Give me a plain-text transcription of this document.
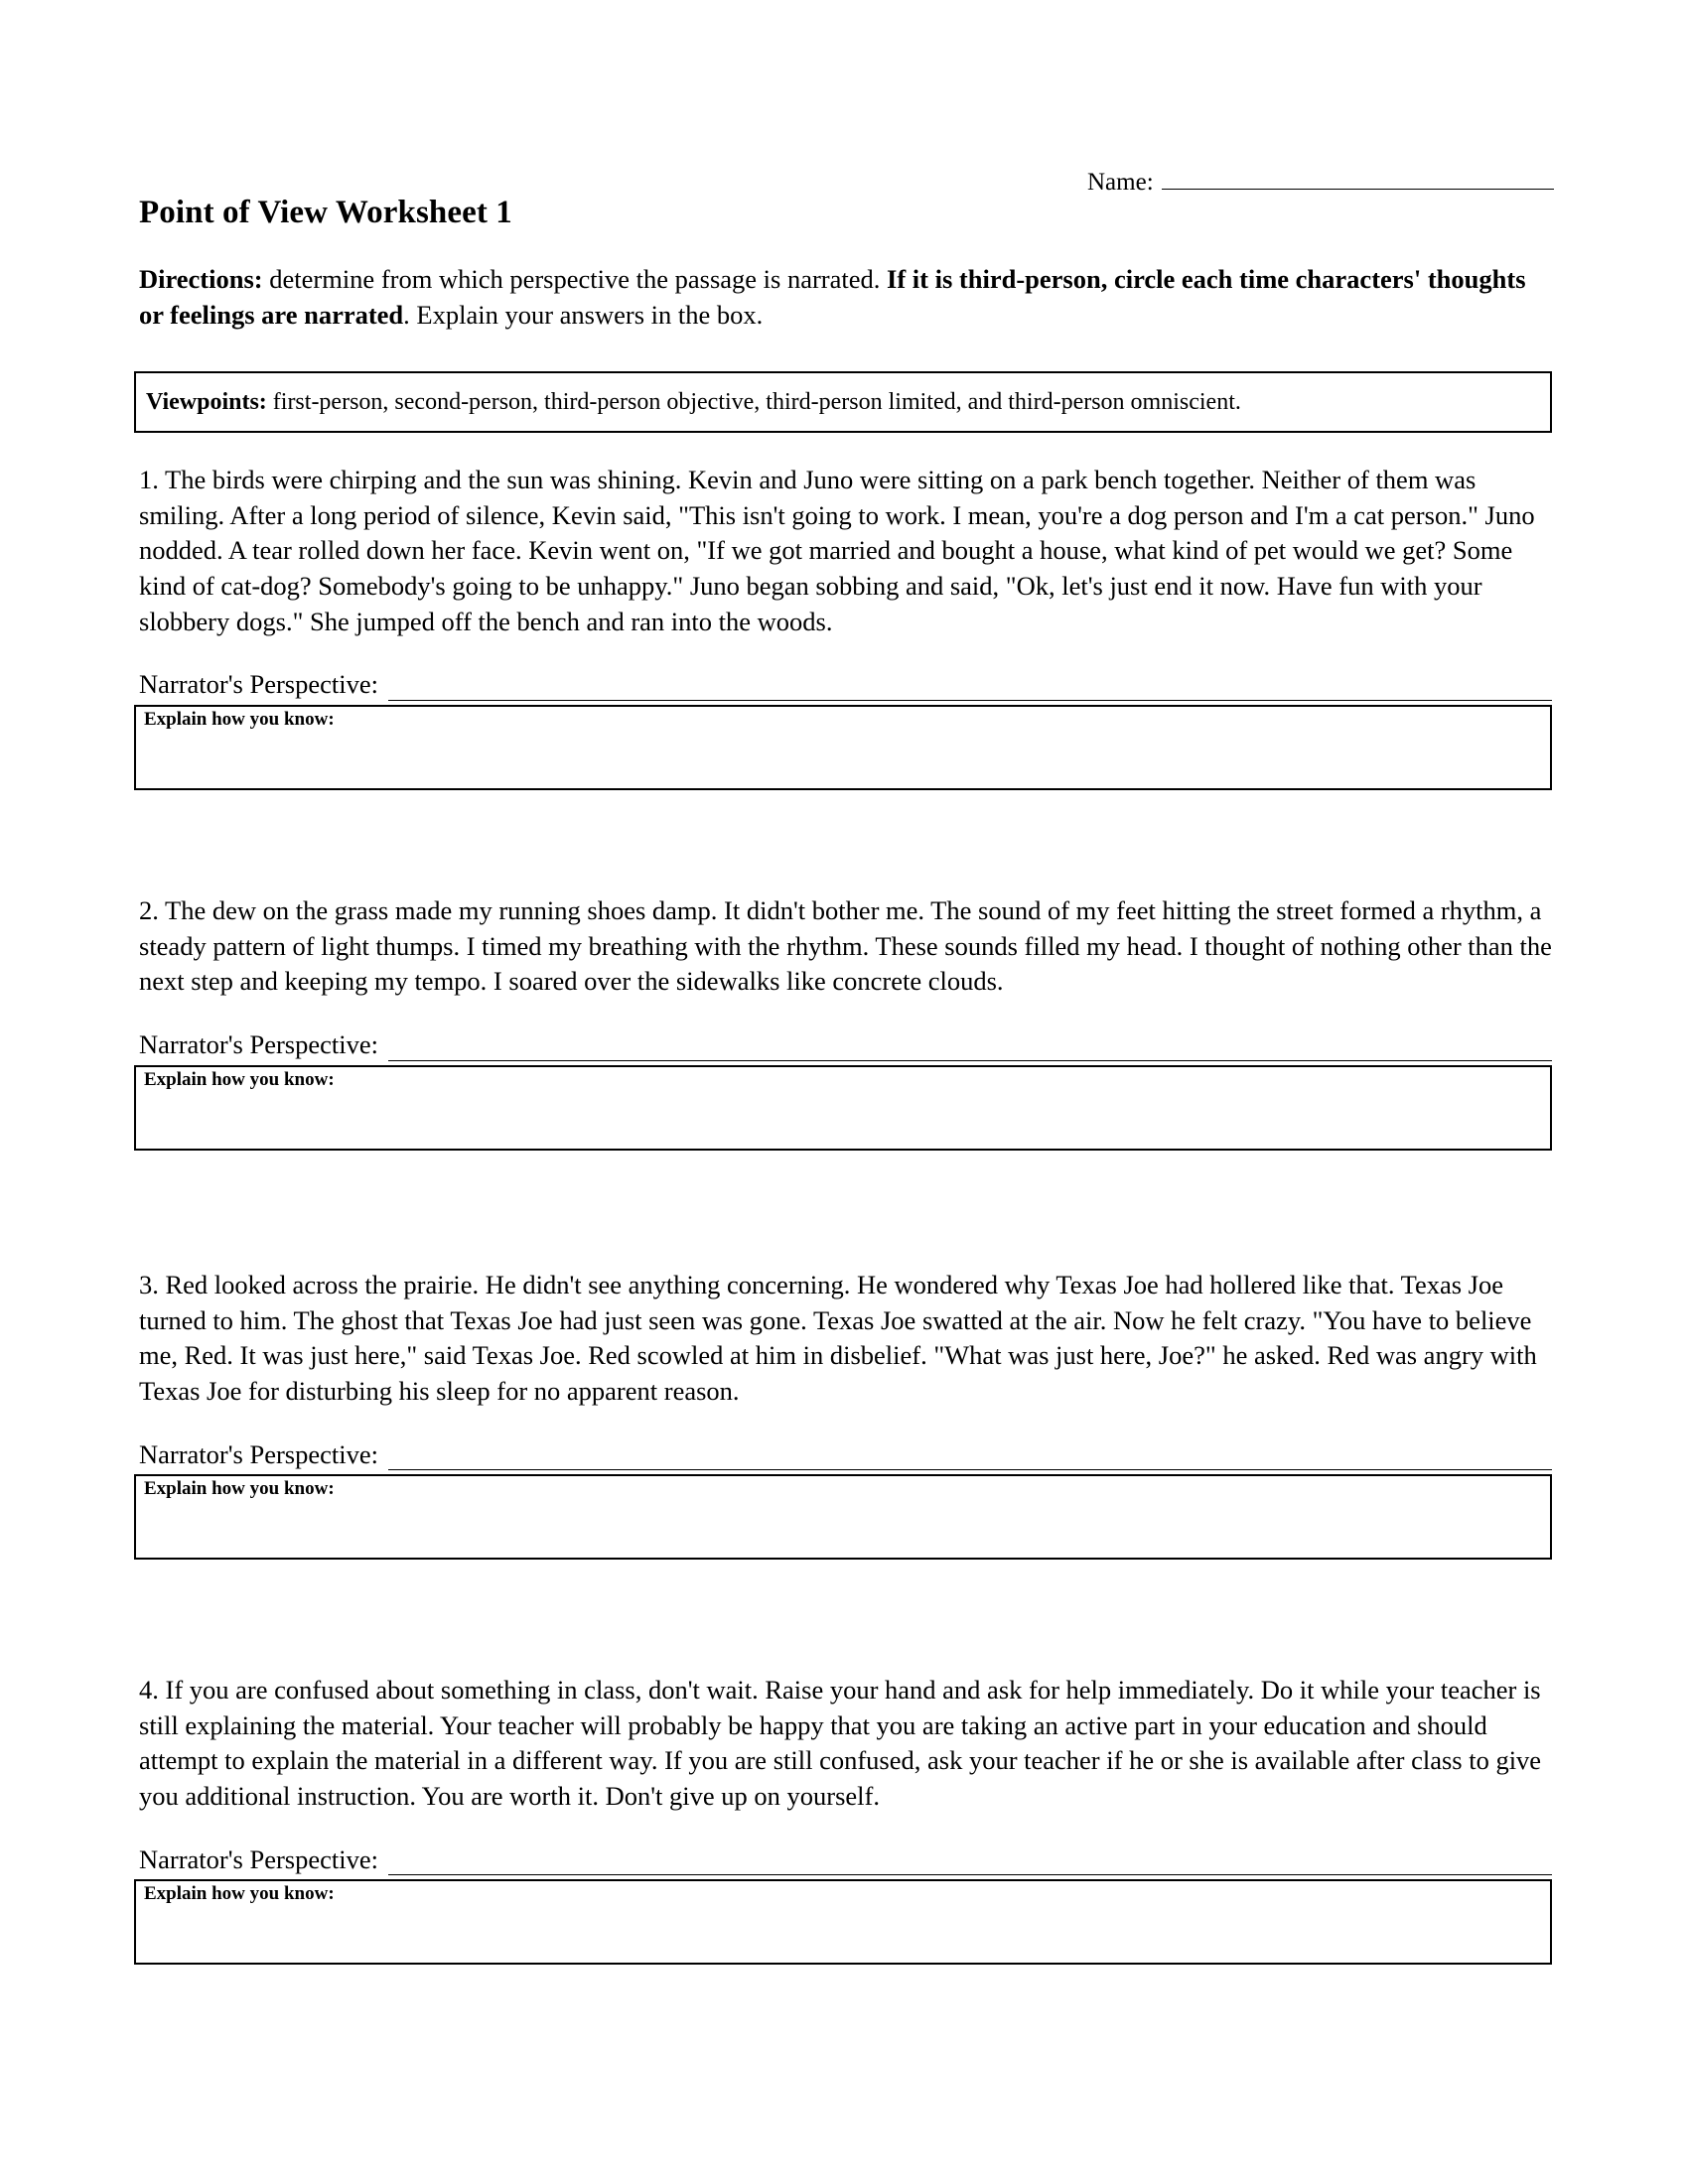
Name:
Point of View Worksheet 1
Directions: determine from which perspective the passage is narrated. If it is third-person, circle each time characters' thoughts or feelings are narrated. Explain your answers in the box.
Viewpoints: first-person, second-person, third-person objective, third-person limited, and third-person omniscient.
1. The birds were chirping and the sun was shining. Kevin and Juno were sitting on a park bench together. Neither of them was smiling. After a long period of silence, Kevin said, "This isn't going to work. I mean, you're a dog person and I'm a cat person." Juno nodded. A tear rolled down her face. Kevin went on, "If we got married and bought a house, what kind of pet would we get? Some kind of cat-dog? Somebody's going to be unhappy." Juno began sobbing and said, "Ok, let's just end it now. Have fun with your slobbery dogs." She jumped off the bench and ran into the woods.
Narrator's Perspective:
Explain how you know:
2. The dew on the grass made my running shoes damp. It didn't bother me. The sound of my feet hitting the street formed a rhythm, a steady pattern of light thumps. I timed my breathing with the rhythm. These sounds filled my head. I thought of nothing other than the next step and keeping my tempo. I soared over the sidewalks like concrete clouds.
Narrator's Perspective:
Explain how you know:
3. Red looked across the prairie. He didn't see anything concerning. He wondered why Texas Joe had hollered like that. Texas Joe turned to him. The ghost that Texas Joe had just seen was gone. Texas Joe swatted at the air. Now he felt crazy. "You have to believe me, Red. It was just here," said Texas Joe. Red scowled at him in disbelief. "What was just here, Joe?" he asked. Red was angry with Texas Joe for disturbing his sleep for no apparent reason.
Narrator's Perspective:
Explain how you know:
4. If you are confused about something in class, don't wait. Raise your hand and ask for help immediately. Do it while your teacher is still explaining the material. Your teacher will probably be happy that you are taking an active part in your education and should attempt to explain the material in a different way. If you are still confused, ask your teacher if he or she is available after class to give you additional instruction. You are worth it. Don't give up on yourself.
Narrator's Perspective:
Explain how you know:
